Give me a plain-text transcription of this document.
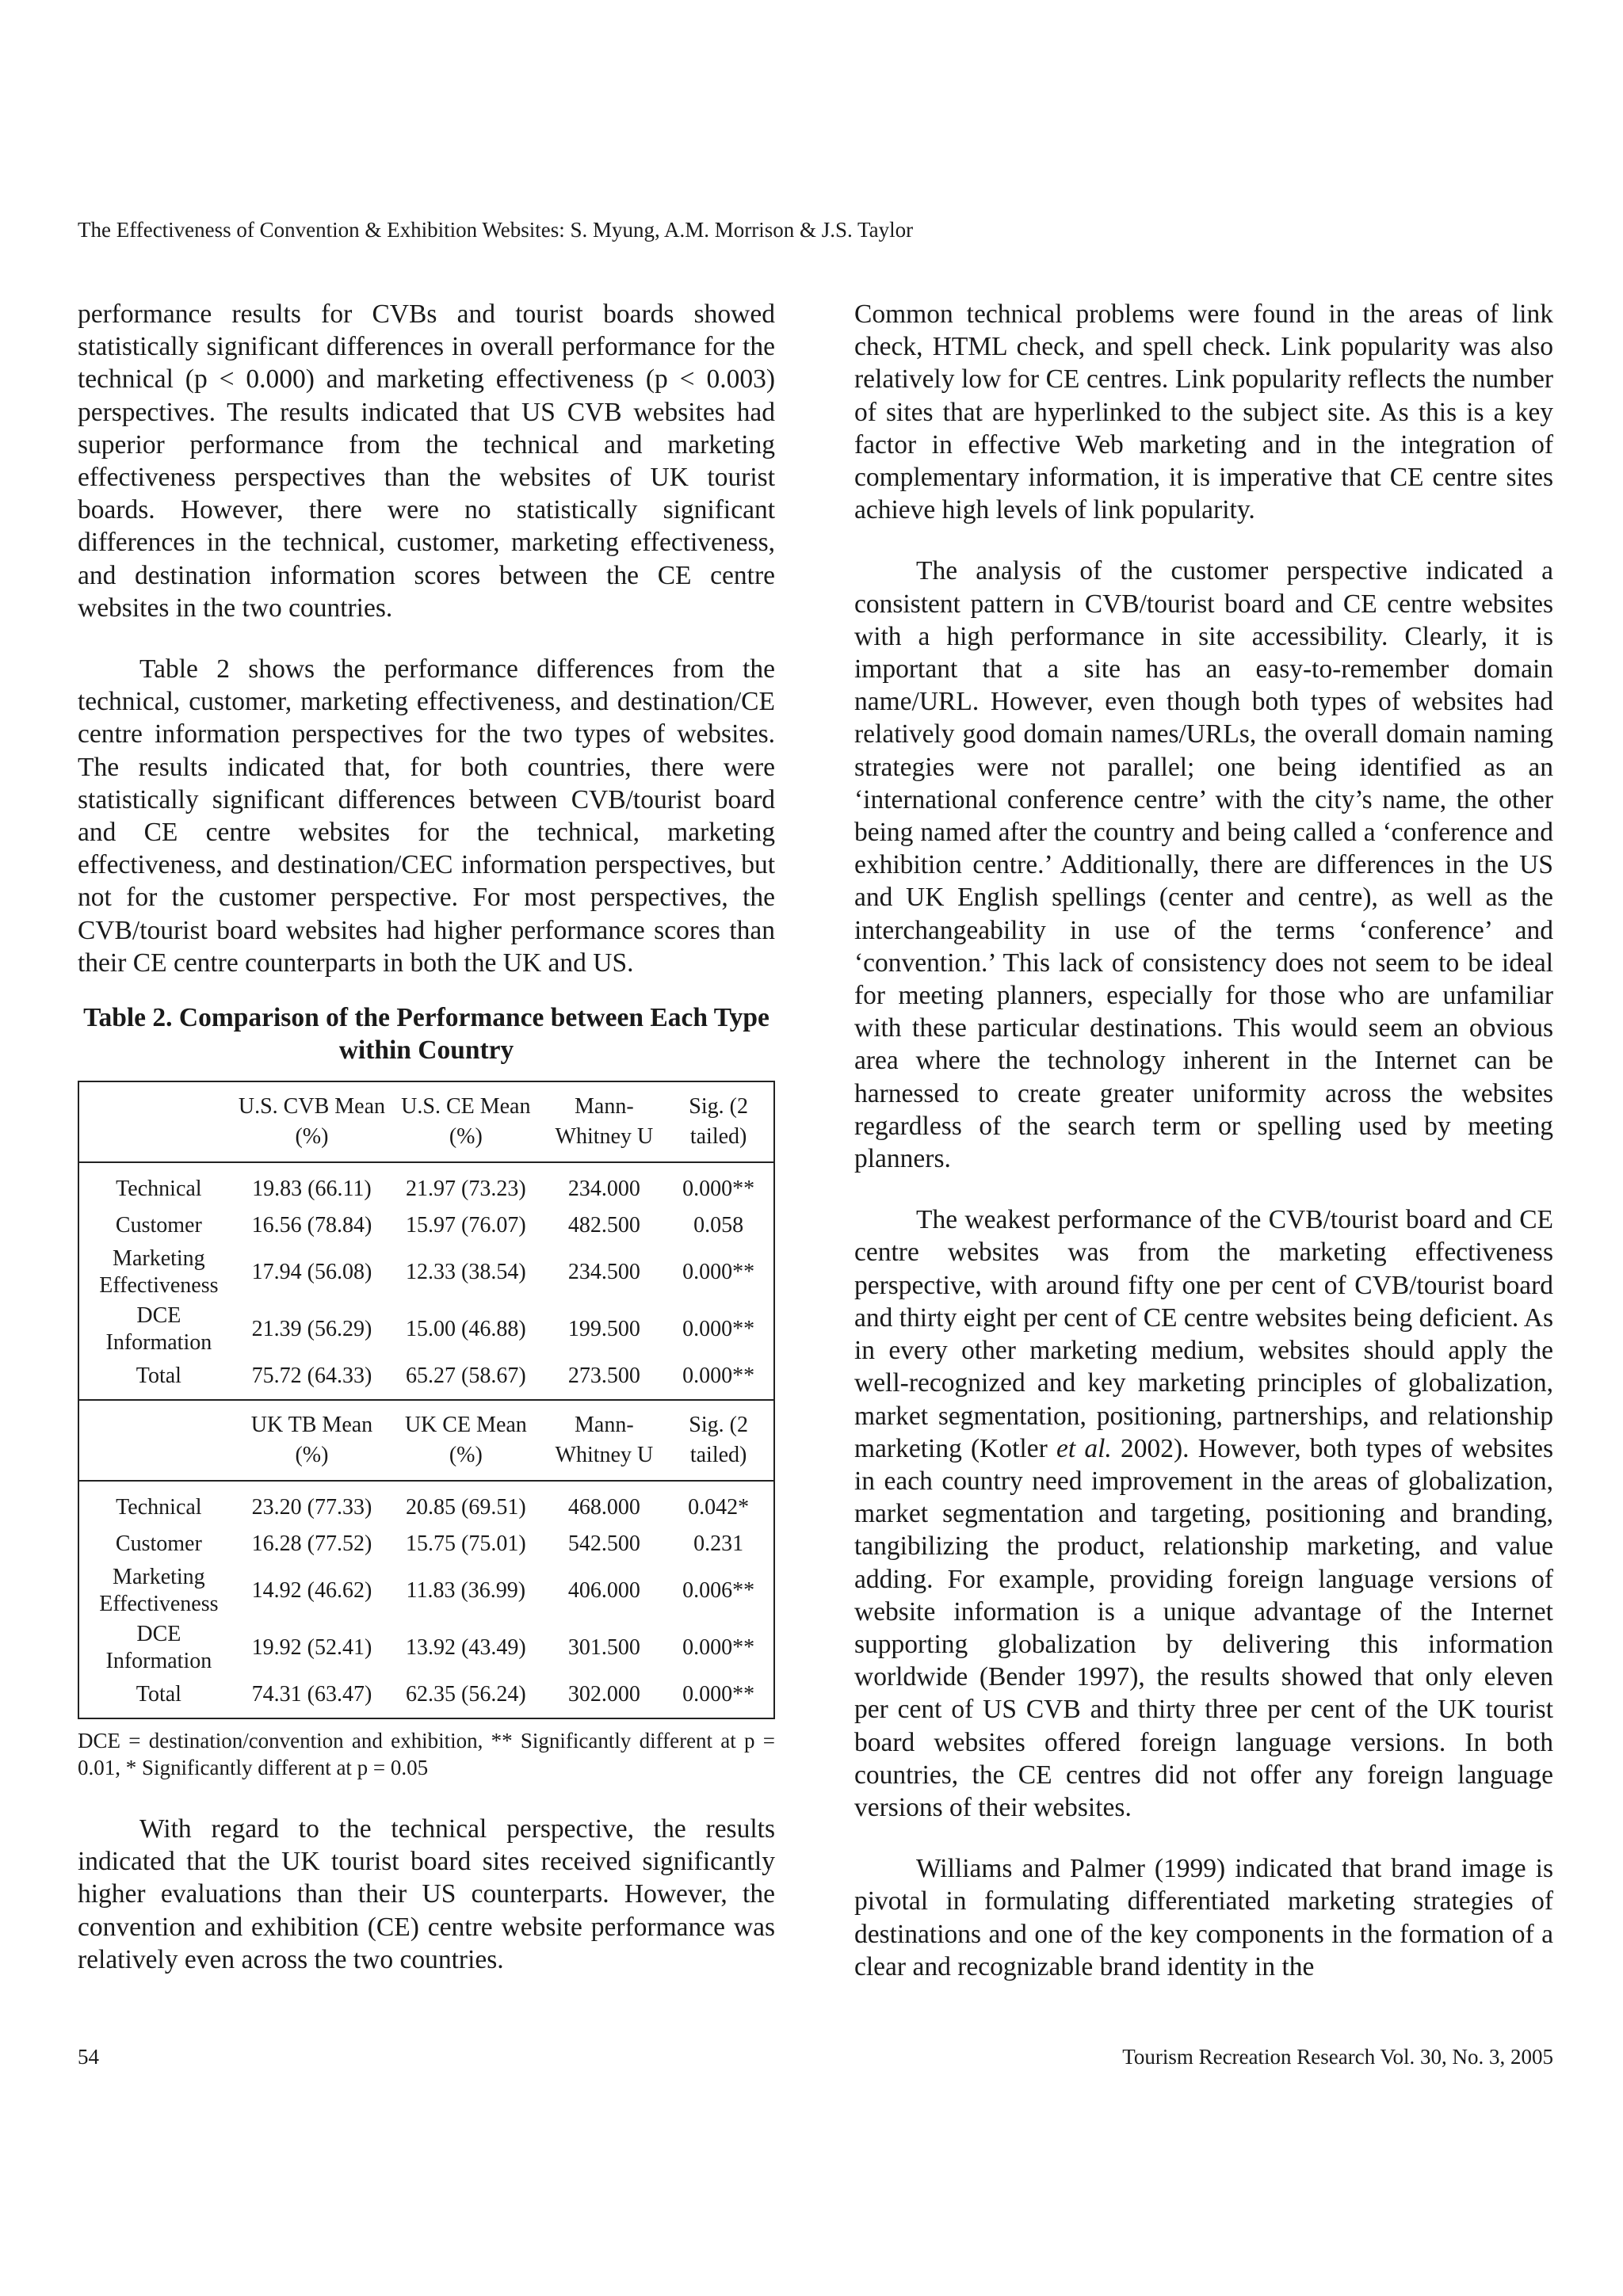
The Effectiveness of Convention & Exhibition Websites: S. Myung, A.M. Morrison & J.S. Taylor

performance results for CVBs and tourist boards showed statistically significant differences in overall performance for the technical (p < 0.000) and marketing effectiveness (p < 0.003) perspectives. The results indicated that US CVB websites had superior performance from the technical and marketing effectiveness perspectives than the websites of UK tourist boards. However, there were no statistically significant differences in the technical, customer, marketing effectiveness, and destination information scores between the CE centre websites in the two countries.

Table 2 shows the performance differences from the technical, customer, marketing effectiveness, and destination/CE centre information perspectives for the two types of websites. The results indicated that, for both countries, there were statistically significant differences between CVB/tourist board and CE centre websites for the technical, marketing effectiveness, and destination/CEC information perspectives, but not for the customer perspective. For most perspectives, the CVB/tourist board websites had higher performance scores than their CE centre counterparts in both the UK and US.

Table 2. Comparison of the Performance between Each Type within Country
	U.S. CVB Mean (%)	U.S. CE Mean (%)	Mann-Whitney U	Sig. (2 tailed)
Technical	19.83 (66.11)	21.97 (73.23)	234.000	0.000**
Customer	16.56 (78.84)	15.97 (76.07)	482.500	0.058
Marketing Effectiveness	17.94 (56.08)	12.33 (38.54)	234.500	0.000**
DCE Information	21.39 (56.29)	15.00 (46.88)	199.500	0.000**
Total	75.72 (64.33)	65.27 (58.67)	273.500	0.000**
	UK TB Mean (%)	UK CE Mean (%)	Mann-Whitney U	Sig. (2 tailed)
Technical	23.20 (77.33)	20.85 (69.51)	468.000	0.042*
Customer	16.28 (77.52)	15.75 (75.01)	542.500	0.231
Marketing Effectiveness	14.92 (46.62)	11.83 (36.99)	406.000	0.006**
DCE Information	19.92 (52.41)	13.92 (43.49)	301.500	0.000**
Total	74.31 (63.47)	62.35 (56.24)	302.000	0.000**
DCE = destination/convention and exhibition, ** Significantly different at p = 0.01, * Significantly different at p = 0.05

With regard to the technical perspective, the results indicated that the UK tourist board sites received significantly higher evaluations than their US counterparts. However, the convention and exhibition (CE) centre website performance was relatively even across the two countries.

Common technical problems were found in the areas of link check, HTML check, and spell check. Link popularity was also relatively low for CE centres. Link popularity reflects the number of sites that are hyperlinked to the subject site. As this is a key factor in effective Web marketing and in the integration of complementary information, it is imperative that CE centre sites achieve high levels of link popularity.

The analysis of the customer perspective indicated a consistent pattern in CVB/tourist board and CE centre websites with a high performance in site accessibility. Clearly, it is important that a site has an easy-to-remember domain name/URL. However, even though both types of websites had relatively good domain names/URLs, the overall domain naming strategies were not parallel; one being identified as an ‘international conference centre’ with the city’s name, the other being named after the country and being called a ‘conference and exhibition centre.’ Additionally, there are differences in the US and UK English spellings (center and centre), as well as the interchangeability in use of the terms ‘conference’ and ‘convention.’ This lack of consistency does not seem to be ideal for meeting planners, especially for those who are unfamiliar with these particular destinations. This would seem an obvious area where the technology inherent in the Internet can be harnessed to create greater uniformity across the websites regardless of the search term or spelling used by meeting planners.

The weakest performance of the CVB/tourist board and CE centre websites was from the marketing effectiveness perspective, with around fifty one per cent of CVB/tourist board and thirty eight per cent of CE centre websites being deficient. As in every other marketing medium, websites should apply the well-recognized and key marketing principles of globalization, market segmentation, positioning, partnerships, and relationship marketing (Kotler et al. 2002). However, both types of websites in each country need improvement in the areas of globalization, market segmentation and targeting, positioning and branding, tangibilizing the product, relationship marketing, and value adding. For example, providing foreign language versions of website information is a unique advantage of the Internet supporting globalization by delivering this information worldwide (Bender 1997), the results showed that only eleven per cent of US CVB and thirty three per cent of the UK tourist board websites offered foreign language versions. In both countries, the CE centres did not offer any foreign language versions of their websites.

Williams and Palmer (1999) indicated that brand image is pivotal in formulating differentiated marketing strategies of destinations and one of the key components in the formation of a clear and recognizable brand identity in the

54	Tourism Recreation Research Vol. 30, No. 3, 2005
